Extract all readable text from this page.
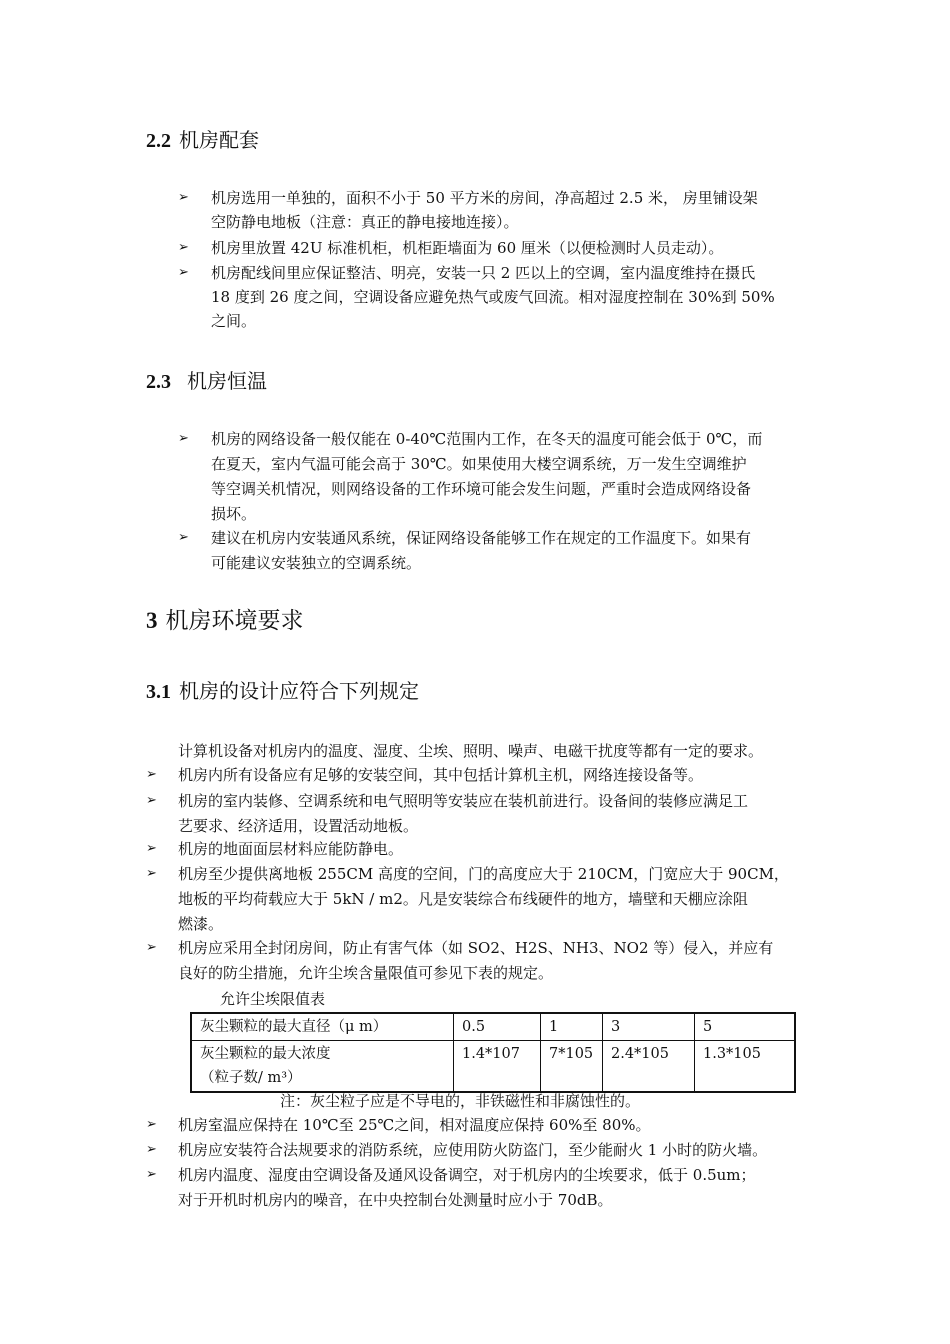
2.2 机房配套
➢ 机房选用一单独的，面积不小于 50 平方米的房间，净高超过 2.5 米， 房里铺设架
空防静电地板（注意：真正的静电接地连接）。
➢ 机房里放置 42U 标准机柜，机柜距墙面为 60 厘米（以便检测时人员走动）。
➢ 机房配线间里应保证整洁、明亮，安装一只 2 匹以上的空调，室内温度维持在摄氏
18 度到 26 度之间，空调设备应避免热气或废气回流。相对湿度控制在 30%到 50%
之间。
2.3 机房恒温
➢ 机房的网络设备一般仅能在 0-40℃范围内工作，在冬天的温度可能会低于 0℃，而
在夏天，室内气温可能会高于 30℃。如果使用大楼空调系统，万一发生空调维护
等空调关机情况，则网络设备的工作环境可能会发生问题，严重时会造成网络设备
损坏。
➢ 建议在机房内安装通风系统，保证网络设备能够工作在规定的工作温度下。如果有
可能建议安装独立的空调系统。
3 机房环境要求
3.1 机房的设计应符合下列规定
计算机设备对机房内的温度、湿度、尘埃、照明、噪声、电磁干扰度等都有一定的要求。
➢ 机房内所有设备应有足够的安装空间，其中包括计算机主机，网络连接设备等。
➢ 机房的室内装修、空调系统和电气照明等安装应在装机前进行。设备间的装修应满足工
艺要求、经济适用，设置活动地板。
➢ 机房的地面面层材料应能防静电。
➢ 机房至少提供离地板 255CM 高度的空间，门的高度应大于 210CM，门宽应大于 90CM，
地板的平均荷载应大于 5kN / m2。凡是安装综合布线硬件的地方，墙壁和天棚应涂阻
燃漆。
➢ 机房应采用全封闭房间，防止有害气体（如 SO2、H2S、NH3、NO2 等）侵入，并应有
良好的防尘措施，允许尘埃含量限值可参见下表的规定。
允许尘埃限值表
灰尘颗粒的最大直径（μ m）	0.5	1	3	5

灰尘颗粒的最大浓度
（粒子数/ m³）	1.4*107	7*105	2.4*105	1.3*105
注：灰尘粒子应是不导电的，非铁磁性和非腐蚀性的。
➢ 机房室温应保持在 10℃至 25℃之间，相对温度应保持 60%至 80%。
➢ 机房应安装符合法规要求的消防系统，应使用防火防盗门，至少能耐火 1 小时的防火墙。
➢ 机房内温度、湿度由空调设备及通风设备调空，对于机房内的尘埃要求，低于 0.5um；
对于开机时机房内的噪音，在中央控制台处测量时应小于 70dB。
